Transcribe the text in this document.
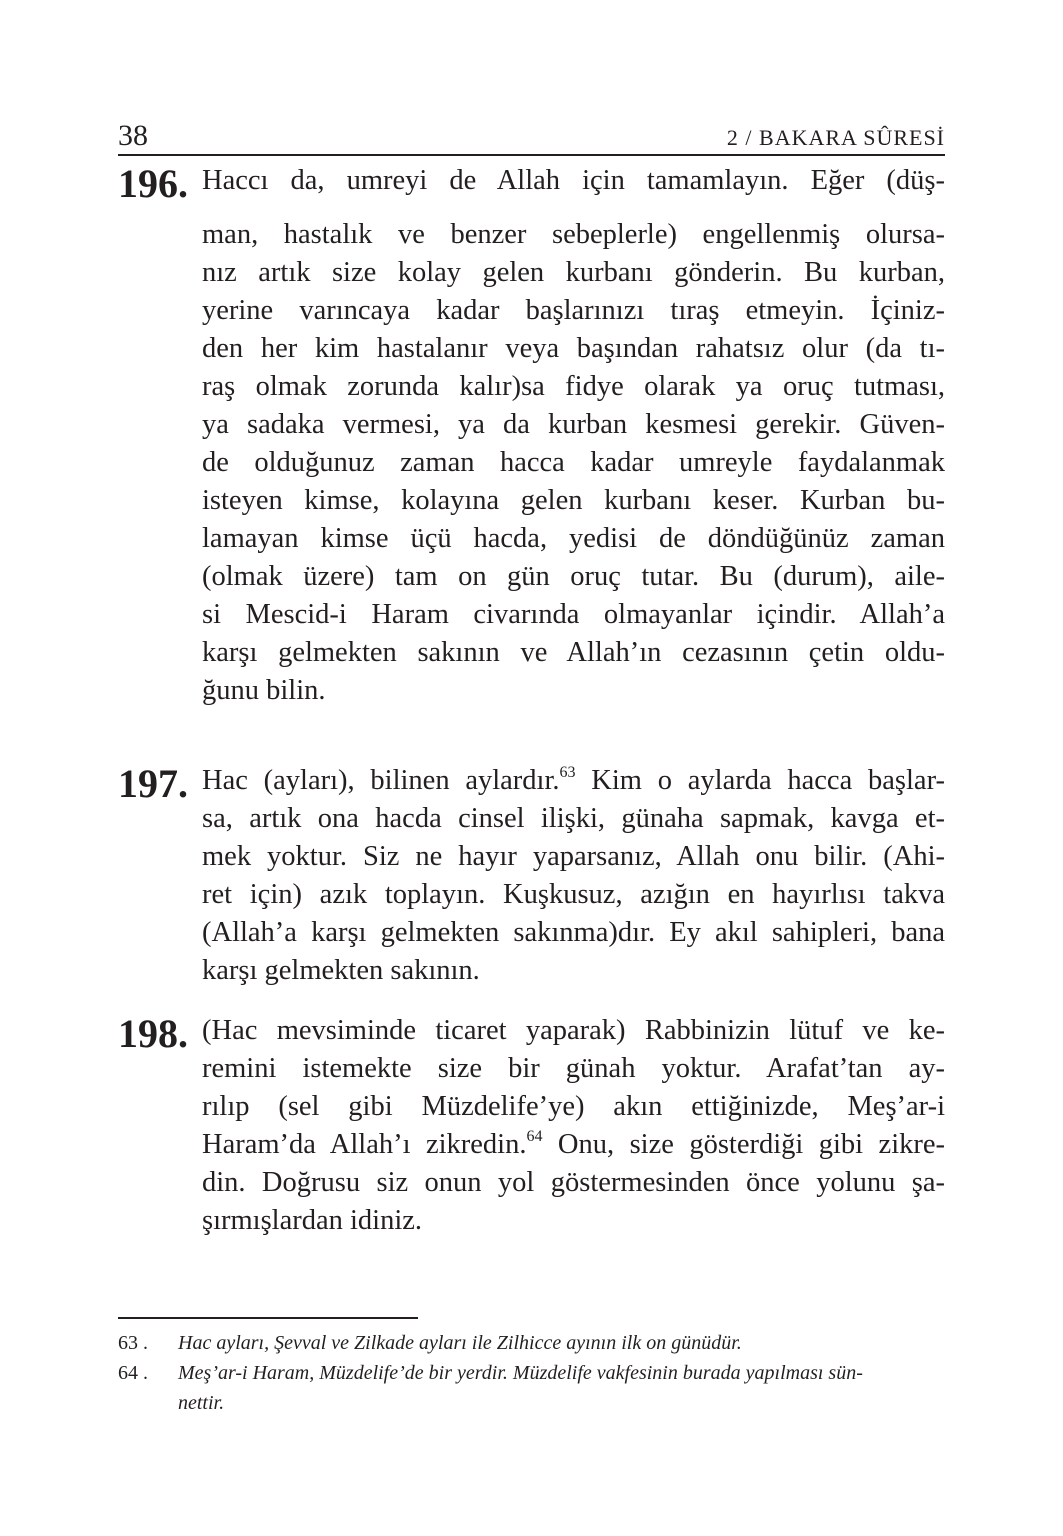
38	2 / BAKARA SÛRESİ
196. Haccı da, umreyi de Allah için tamamlayın. Eğer (düş-
man, hastalık ve benzer sebeplerle) engellenmiş olursa-
nız artık size kolay gelen kurbanı gönderin. Bu kurban,
yerine varıncaya kadar başlarınızı tıraş etmeyin. İçiniz-
den her kim hastalanır veya başından rahatsız olur (da tı-
raş olmak zorunda kalır)sa fidye olarak ya oruç tutması,
ya sadaka vermesi, ya da kurban kesmesi gerekir. Güven-
de olduğunuz zaman hacca kadar umreyle faydalanmak
isteyen kimse, kolayına gelen kurbanı keser. Kurban bu-
lamayan kimse üçü hacda, yedisi de döndüğünüz zaman
(olmak üzere) tam on gün oruç tutar. Bu (durum), aile-
si Mescid-i Haram civarında olmayanlar içindir. Allah’a
karşı gelmekten sakının ve Allah’ın cezasının çetin oldu-
ğunu bilin.
197. Hac (ayları), bilinen aylardır.$^{63}$ Kim o aylarda hacca başlar-
sa, artık ona hacda cinsel ilişki, günaha sapmak, kavga et-
mek yoktur. Siz ne hayır yaparsanız, Allah onu bilir. (Ahi-
ret için) azık toplayın. Kuşkusuz, azığın en hayırlısı takva
(Allah’a karşı gelmekten sakınma)dır. Ey akıl sahipleri, bana
karşı gelmekten sakının.
198. (Hac mevsiminde ticaret yaparak) Rabbinizin lütuf ve ke-
remini istemekte size bir günah yoktur. Arafat’tan ay-
rılıp (sel gibi Müzdelife’ye) akın ettiğinizde, Meş’ar-i
Haram’da Allah’ı zikredin.$^{64}$ Onu, size gösterdiği gibi zikre-
din. Doğrusu siz onun yol göstermesinden önce yolunu şa-
şırmışlardan idiniz.
63 . Hac ayları, Şevval ve Zilkade ayları ile Zilhicce ayının ilk on günüdür.
64 . Meş’ar-i Haram, Müzdelife’de bir yerdir. Müzdelife vakfesinin burada yapılması sün-
nettir.
